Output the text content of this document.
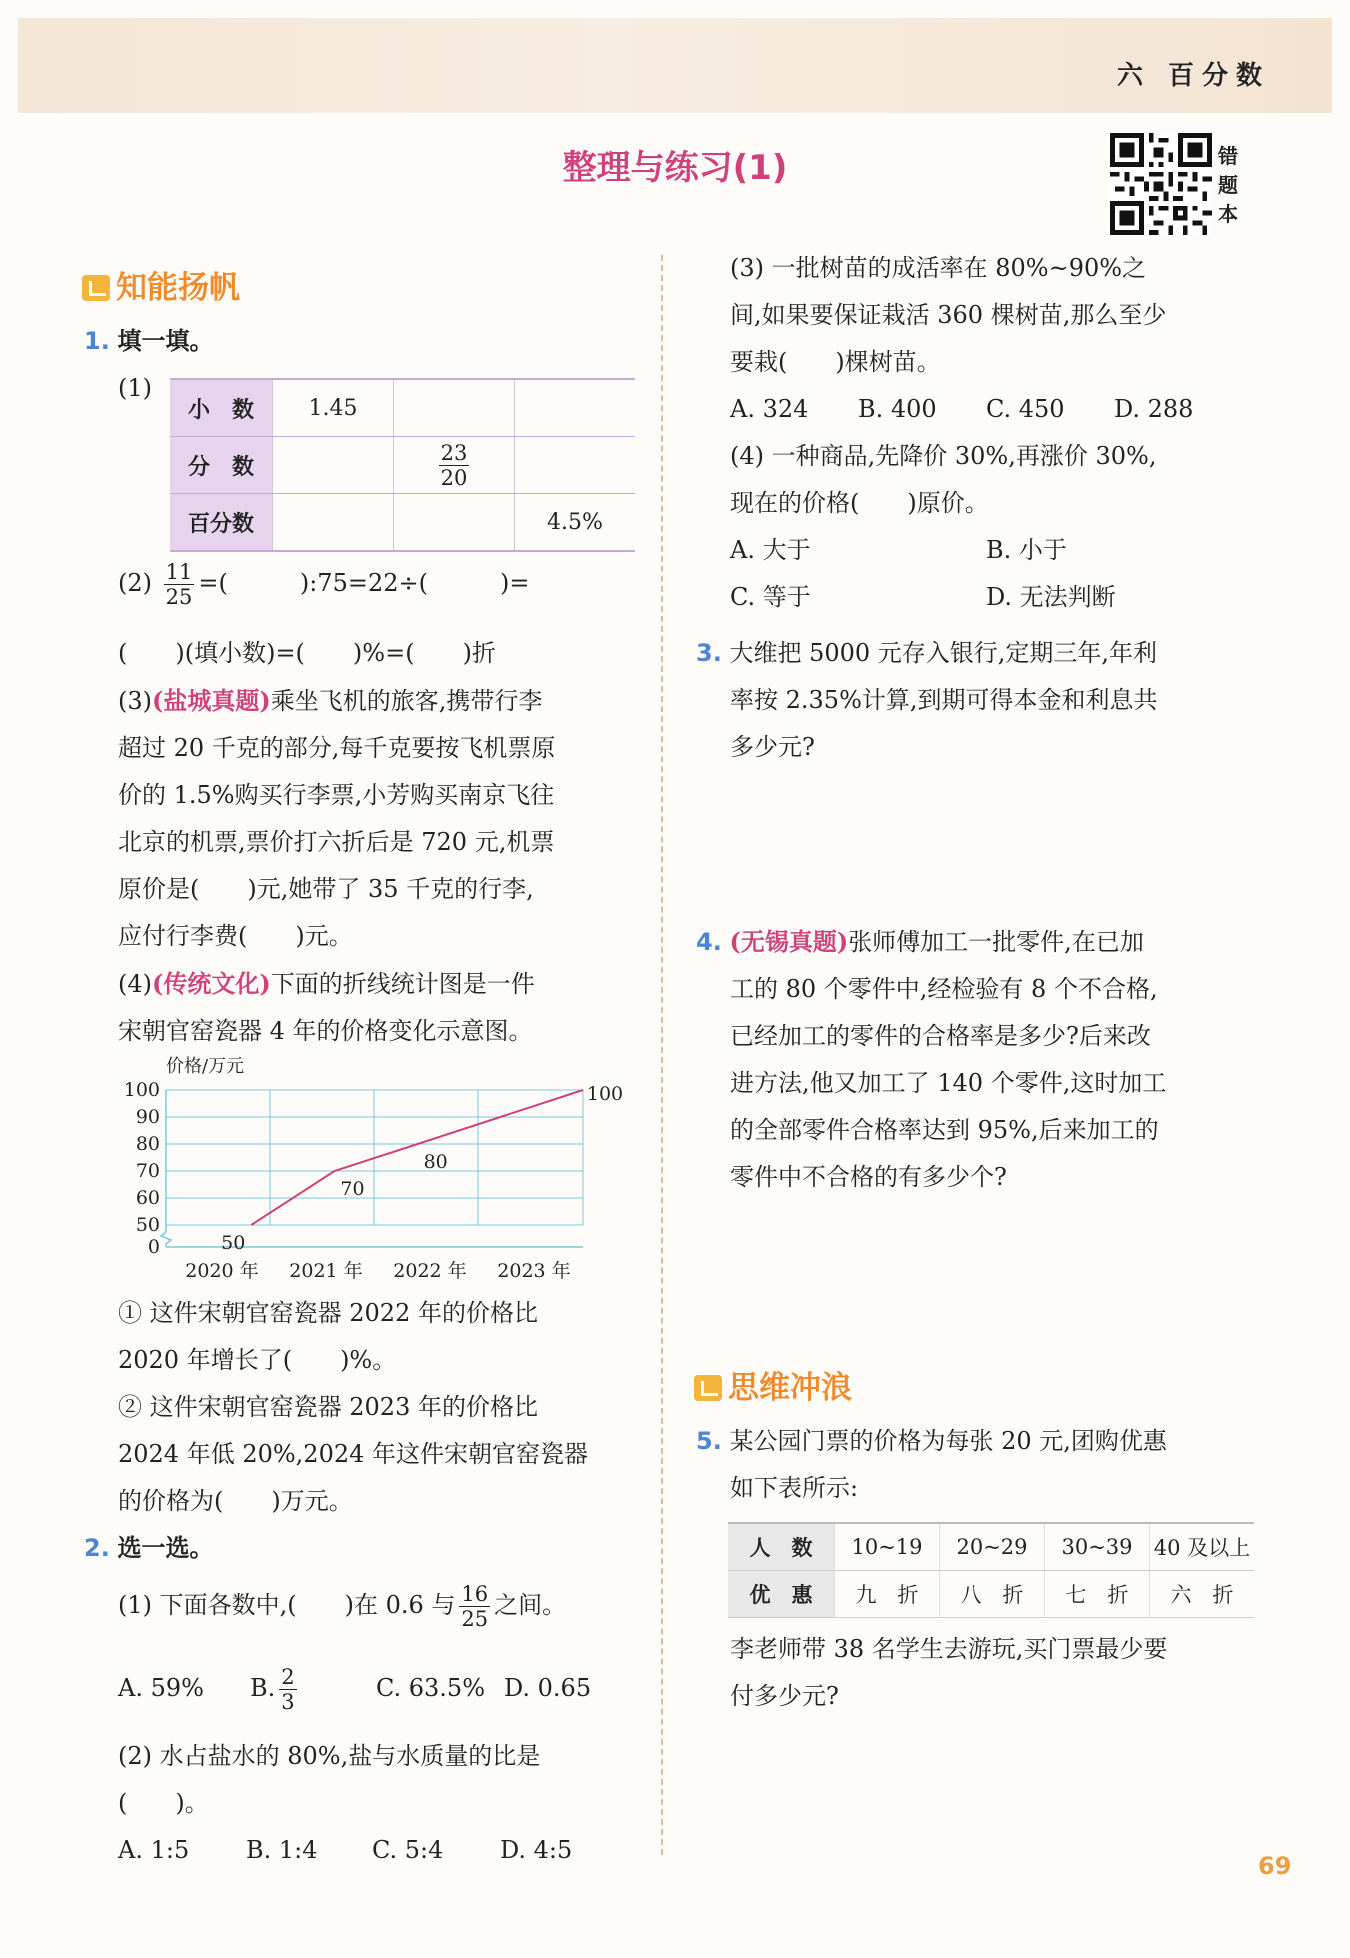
六 百分数
整理与练习(1)	错题本
知能扬帆
1. 填一填。
(1)
小　数	1.45		
分　数		$\frac{23}{20}$

百分数			4.5%
$(2) \frac{11}{25}$ =(　　　):75=22÷(　　　)=
(　　)(填小数)=(　　)%=(　　)折
(3)(盐城真题)乘坐飞机的旅客,携带行李
超过 20 千克的部分,每千克要按飞机票原
价的 1.5%购买行李票,小芳购买南京飞往
北京的机票,票价打六折后是 720 元,机票
原价是(　　)元,她带了 35 千克的行李,
应付行李费(　　)元。
(4)(传统文化)下面的折线统计图是一件
宋朝官窑瓷器 4 年的价格变化示意图。
价格/万元
0
50
60
70
80
90
100
2020 年 2021 年 2022 年 2023 年
50
70
80
100
① 这件宋朝官窑瓷器 2022 年的价格比
2020 年增长了(　　)%。
② 这件宋朝官窑瓷器 2023 年的价格比
2024 年低 20%,2024 年这件宋朝官窑瓷器
的价格为(　　)万元。
2. 选一选。
(1) 下面各数中,(　　)在 0.6 与 $\frac{16}{25}$ 之间。
A. 59% B. $\frac{2}{3}$	C. 63.5% D. 0.65
(2) 水占盐水的 80%,盐与水质量的比是
(　　)。
A. 1:5 B. 1:4 C. 5:4 D. 4:5
(3) 一批树苗的成活率在 80%~90%之
间,如果要保证栽活 360 棵树苗,那么至少
要栽(　　)棵树苗。
A. 324 B. 400 C. 450 D. 288
(4) 一种商品,先降价 30%,再涨价 30%,
现在的价格(　　)原价。
A. 大于	B. 小于
C. 等于	D. 无法判断
3. 大维把 5000 元存入银行,定期三年,年利
率按 2.35%计算,到期可得本金和利息共
多少元?
4. (无锡真题)张师傅加工一批零件,在已加
工的 80 个零件中,经检验有 8 个不合格,
已经加工的零件的合格率是多少?后来改
进方法,他又加工了 140 个零件,这时加工
的全部零件合格率达到 95%,后来加工的
零件中不合格的有多少个?
思维冲浪
5. 某公园门票的价格为每张 20 元,团购优惠
如下表所示:
人　数	10~19	20~29	30~39	40 及以上
优　惠	九　折	八　折	七　折	六　折
李老师带 38 名学生去游玩,买门票最少要
付多少元?
69
